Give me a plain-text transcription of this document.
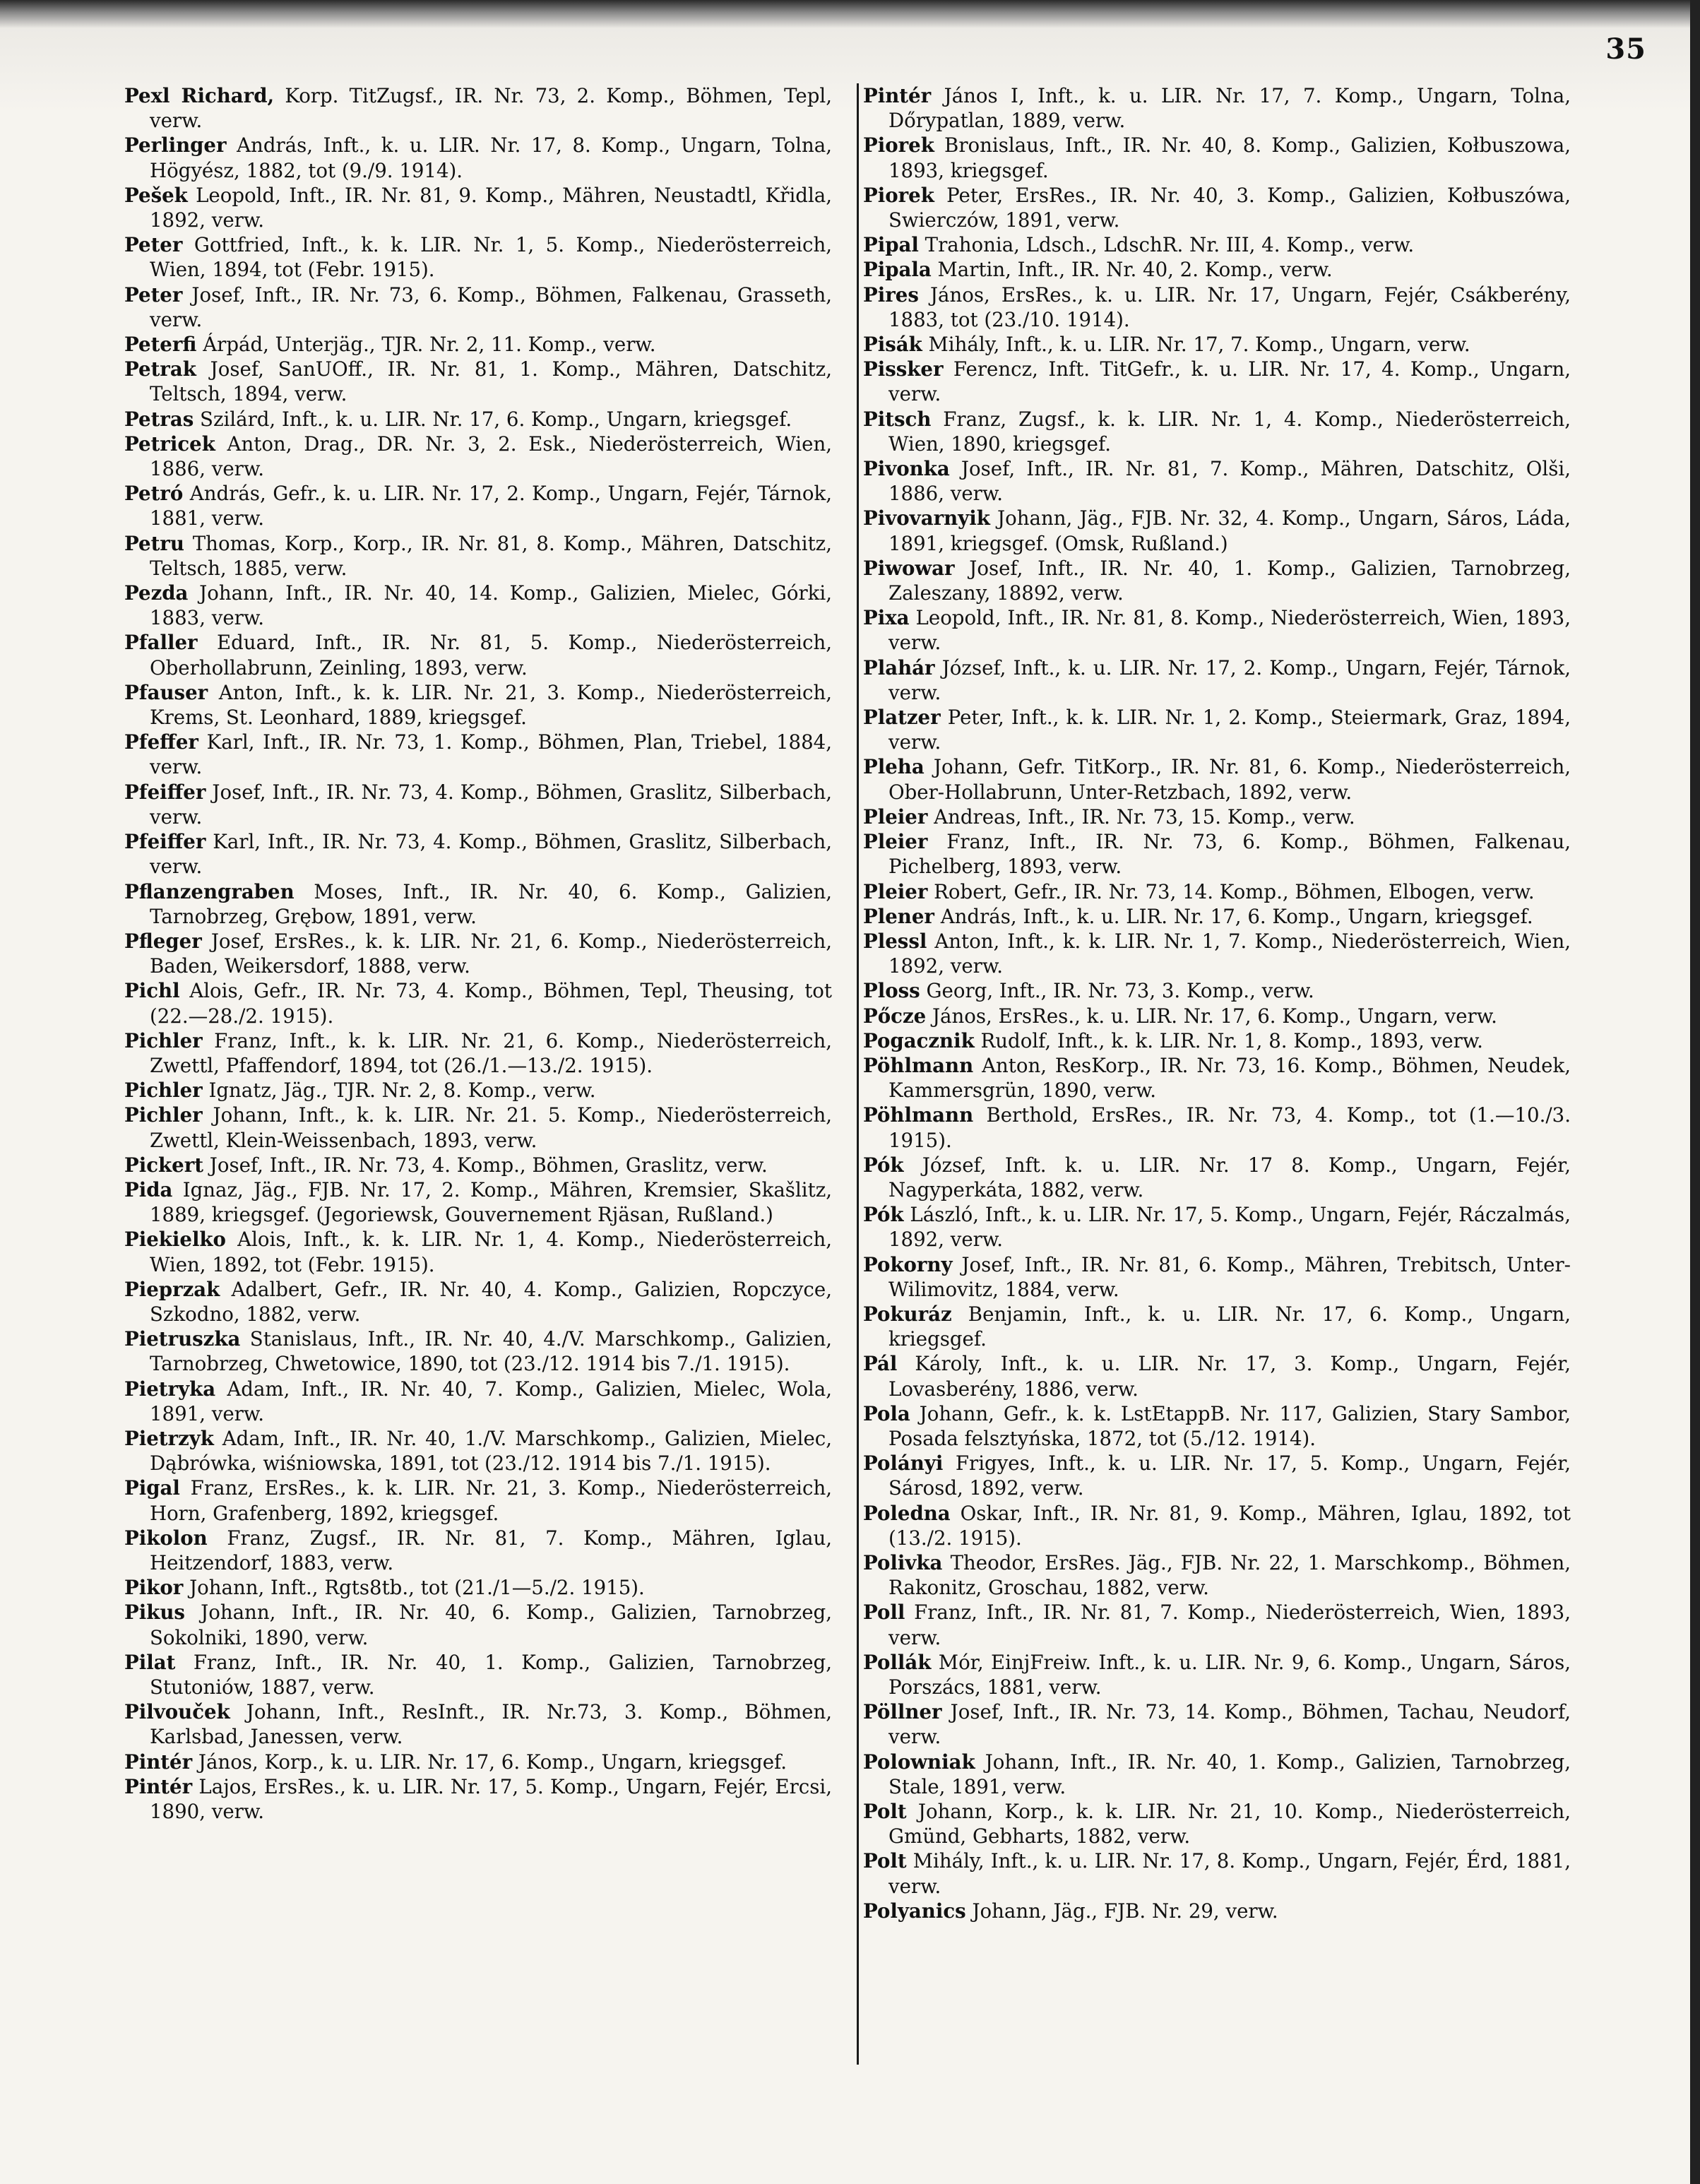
35

Pexl Richard, Korp. TitZugsf., IR. Nr. 73, 2. Komp., Böhmen, Tepl, verw.

Perlinger András, Inft., k. u. LIR. Nr. 17, 8. Komp., Ungarn, Tolna, Högyész, 1882, tot (9./9. 1914).

Pešek Leopold, Inft., IR. Nr. 81, 9. Komp., Mähren, Neustadtl, Křidla, 1892, verw.

Peter Gottfried, Inft., k. k. LIR. Nr. 1, 5. Komp., Niederösterreich, Wien, 1894, tot (Febr. 1915).

Peter Josef, Inft., IR. Nr. 73, 6. Komp., Böhmen, Falkenau, Grasseth, verw.

Peterfi Árpád, Unterjäg., TJR. Nr. 2, 11. Komp., verw.

Petrak Josef, SanUOff., IR. Nr. 81, 1. Komp., Mähren, Datschitz, Teltsch, 1894, verw.

Petras Szilárd, Inft., k. u. LIR. Nr. 17, 6. Komp., Ungarn, kriegsgef.

Petricek Anton, Drag., DR. Nr. 3, 2. Esk., Niederösterreich, Wien, 1886, verw.

Petró András, Gefr., k. u. LIR. Nr. 17, 2. Komp., Ungarn, Fejér, Tárnok, 1881, verw.

Petru Thomas, Korp., Korp., IR. Nr. 81, 8. Komp., Mähren, Datschitz, Teltsch, 1885, verw.

Pezda Johann, Inft., IR. Nr. 40, 14. Komp., Galizien, Mielec, Górki, 1883, verw.

Pfaller Eduard, Inft., IR. Nr. 81, 5. Komp., Niederösterreich, Oberhollabrunn, Zeinling, 1893, verw.

Pfauser Anton, Inft., k. k. LIR. Nr. 21, 3. Komp., Niederösterreich, Krems, St. Leonhard, 1889, kriegsgef.

Pfeffer Karl, Inft., IR. Nr. 73, 1. Komp., Böhmen, Plan, Triebel, 1884, verw.

Pfeiffer Josef, Inft., IR. Nr. 73, 4. Komp., Böhmen, Graslitz, Silberbach, verw.

Pfeiffer Karl, Inft., IR. Nr. 73, 4. Komp., Böhmen, Graslitz, Silberbach, verw.

Pflanzengraben Moses, Inft., IR. Nr. 40, 6. Komp., Galizien, Tarnobrzeg, Grębow, 1891, verw.

Pfleger Josef, ErsRes., k. k. LIR. Nr. 21, 6. Komp., Niederösterreich, Baden, Weikersdorf, 1888, verw.

Pichl Alois, Gefr., IR. Nr. 73, 4. Komp., Böhmen, Tepl, Theusing, tot (22.—28./2. 1915).

Pichler Franz, Inft., k. k. LIR. Nr. 21, 6. Komp., Niederösterreich, Zwettl, Pfaffendorf, 1894, tot (26./1.—13./2. 1915).

Pichler Ignatz, Jäg., TJR. Nr. 2, 8. Komp., verw.

Pichler Johann, Inft., k. k. LIR. Nr. 21. 5. Komp., Niederösterreich, Zwettl, Klein-Weissenbach, 1893, verw.

Pickert Josef, Inft., IR. Nr. 73, 4. Komp., Böhmen, Graslitz, verw.

Pida Ignaz, Jäg., FJB. Nr. 17, 2. Komp., Mähren, Kremsier, Skašlitz, 1889, kriegsgef. (Jegoriewsk, Gouvernement Rjäsan, Rußland.)

Piekielko Alois, Inft., k. k. LIR. Nr. 1, 4. Komp., Niederösterreich, Wien, 1892, tot (Febr. 1915).

Pieprzak Adalbert, Gefr., IR. Nr. 40, 4. Komp., Galizien, Ropczyce, Szkodno, 1882, verw.

Pietruszka Stanislaus, Inft., IR. Nr. 40, 4./V. Marschkomp., Galizien, Tarnobrzeg, Chwetowice, 1890, tot (23./12. 1914 bis 7./1. 1915).

Pietryka Adam, Inft., IR. Nr. 40, 7. Komp., Galizien, Mielec, Wola, 1891, verw.

Pietrzyk Adam, Inft., IR. Nr. 40, 1./V. Marschkomp., Galizien, Mielec, Dąbrówka, wiśniowska, 1891, tot (23./12. 1914 bis 7./1. 1915).

Pigal Franz, ErsRes., k. k. LIR. Nr. 21, 3. Komp., Niederösterreich, Horn, Grafenberg, 1892, kriegsgef.

Pikolon Franz, Zugsf., IR. Nr. 81, 7. Komp., Mähren, Iglau, Heitzendorf, 1883, verw.

Pikor Johann, Inft., Rgts8tb., tot (21./1—5./2. 1915).

Pikus Johann, Inft., IR. Nr. 40, 6. Komp., Galizien, Tarnobrzeg, Sokolniki, 1890, verw.

Pilat Franz, Inft., IR. Nr. 40, 1. Komp., Galizien, Tarnobrzeg, Stutoniów, 1887, verw.

Pilvouček Johann, Inft., ResInft., IR. Nr.73, 3. Komp., Böhmen, Karlsbad, Janessen, verw.

Pintér János, Korp., k. u. LIR. Nr. 17, 6. Komp., Ungarn, kriegsgef.

Pintér Lajos, ErsRes., k. u. LIR. Nr. 17, 5. Komp., Ungarn, Fejér, Ercsi, 1890, verw.

Pintér János I, Inft., k. u. LIR. Nr. 17, 7. Komp., Ungarn, Tolna, Dőrypatlan, 1889, verw.

Piorek Bronislaus, Inft., IR. Nr. 40, 8. Komp., Galizien, Kołbuszowa, 1893, kriegsgef.

Piorek Peter, ErsRes., IR. Nr. 40, 3. Komp., Galizien, Kołbuszówa, Swierczów, 1891, verw.

Pipal Trahonia, Ldsch., LdschR. Nr. III, 4. Komp., verw.

Pipala Martin, Inft., IR. Nr. 40, 2. Komp., verw.

Pires János, ErsRes., k. u. LIR. Nr. 17, Ungarn, Fejér, Csákberény, 1883, tot (23./10. 1914).

Pisák Mihály, Inft., k. u. LIR. Nr. 17, 7. Komp., Ungarn, verw.

Pissker Ferencz, Inft. TitGefr., k. u. LIR. Nr. 17, 4. Komp., Ungarn, verw.

Pitsch Franz, Zugsf., k. k. LIR. Nr. 1, 4. Komp., Niederösterreich, Wien, 1890, kriegsgef.

Pivonka Josef, Inft., IR. Nr. 81, 7. Komp., Mähren, Datschitz, Olši, 1886, verw.

Pivovarnyik Johann, Jäg., FJB. Nr. 32, 4. Komp., Ungarn, Sáros, Láda, 1891, kriegsgef. (Omsk, Rußland.)

Piwowar Josef, Inft., IR. Nr. 40, 1. Komp., Galizien, Tarnobrzeg, Zaleszany, 18892, verw.

Pixa Leopold, Inft., IR. Nr. 81, 8. Komp., Niederösterreich, Wien, 1893, verw.

Plahár József, Inft., k. u. LIR. Nr. 17, 2. Komp., Ungarn, Fejér, Tárnok, verw.

Platzer Peter, Inft., k. k. LIR. Nr. 1, 2. Komp., Steiermark, Graz, 1894, verw.

Pleha Johann, Gefr. TitKorp., IR. Nr. 81, 6. Komp., Niederösterreich, Ober-Hollabrunn, Unter-Retzbach, 1892, verw.

Pleier Andreas, Inft., IR. Nr. 73, 15. Komp., verw.

Pleier Franz, Inft., IR. Nr. 73, 6. Komp., Böhmen, Falkenau, Pichelberg, 1893, verw.

Pleier Robert, Gefr., IR. Nr. 73, 14. Komp., Böhmen, Elbogen, verw.

Plener András, Inft., k. u. LIR. Nr. 17, 6. Komp., Ungarn, kriegsgef.

Plessl Anton, Inft., k. k. LIR. Nr. 1, 7. Komp., Niederösterreich, Wien, 1892, verw.

Ploss Georg, Inft., IR. Nr. 73, 3. Komp., verw.

Pőcze János, ErsRes., k. u. LIR. Nr. 17, 6. Komp., Ungarn, verw.

Pogacznik Rudolf, Inft., k. k. LIR. Nr. 1, 8. Komp., 1893, verw.

Pöhlmann Anton, ResKorp., IR. Nr. 73, 16. Komp., Böhmen, Neudek, Kammersgrün, 1890, verw.

Pöhlmann Berthold, ErsRes., IR. Nr. 73, 4. Komp., tot (1.—10./3. 1915).

Pók József, Inft. k. u. LIR. Nr. 17 8. Komp., Ungarn, Fejér, Nagyperkáta, 1882, verw.

Pók László, Inft., k. u. LIR. Nr. 17, 5. Komp., Ungarn, Fejér, Ráczalmás, 1892, verw.

Pokorny Josef, Inft., IR. Nr. 81, 6. Komp., Mähren, Trebitsch, Unter-Wilimovitz, 1884, verw.

Pokuráz Benjamin, Inft., k. u. LIR. Nr. 17, 6. Komp., Ungarn, kriegsgef.

Pál Károly, Inft., k. u. LIR. Nr. 17, 3. Komp., Ungarn, Fejér, Lovasberény, 1886, verw.

Pola Johann, Gefr., k. k. LstEtappB. Nr. 117, Galizien, Stary Sambor, Posada felsztyńska, 1872, tot (5./12. 1914).

Polányi Frigyes, Inft., k. u. LIR. Nr. 17, 5. Komp., Ungarn, Fejér, Sárosd, 1892, verw.

Poledna Oskar, Inft., IR. Nr. 81, 9. Komp., Mähren, Iglau, 1892, tot (13./2. 1915).

Polivka Theodor, ErsRes. Jäg., FJB. Nr. 22, 1. Marschkomp., Böhmen, Rakonitz, Groschau, 1882, verw.

Poll Franz, Inft., IR. Nr. 81, 7. Komp., Niederösterreich, Wien, 1893, verw.

Pollák Mór, EinjFreiw. Inft., k. u. LIR. Nr. 9, 6. Komp., Ungarn, Sáros, Porszács, 1881, verw.

Pöllner Josef, Inft., IR. Nr. 73, 14. Komp., Böhmen, Tachau, Neudorf, verw.

Polowniak Johann, Inft., IR. Nr. 40, 1. Komp., Galizien, Tarnobrzeg, Stale, 1891, verw.

Polt Johann, Korp., k. k. LIR. Nr. 21, 10. Komp., Niederösterreich, Gmünd, Gebharts, 1882, verw.

Polt Mihály, Inft., k. u. LIR. Nr. 17, 8. Komp., Ungarn, Fejér, Érd, 1881, verw.

Polyanics Johann, Jäg., FJB. Nr. 29, verw.
